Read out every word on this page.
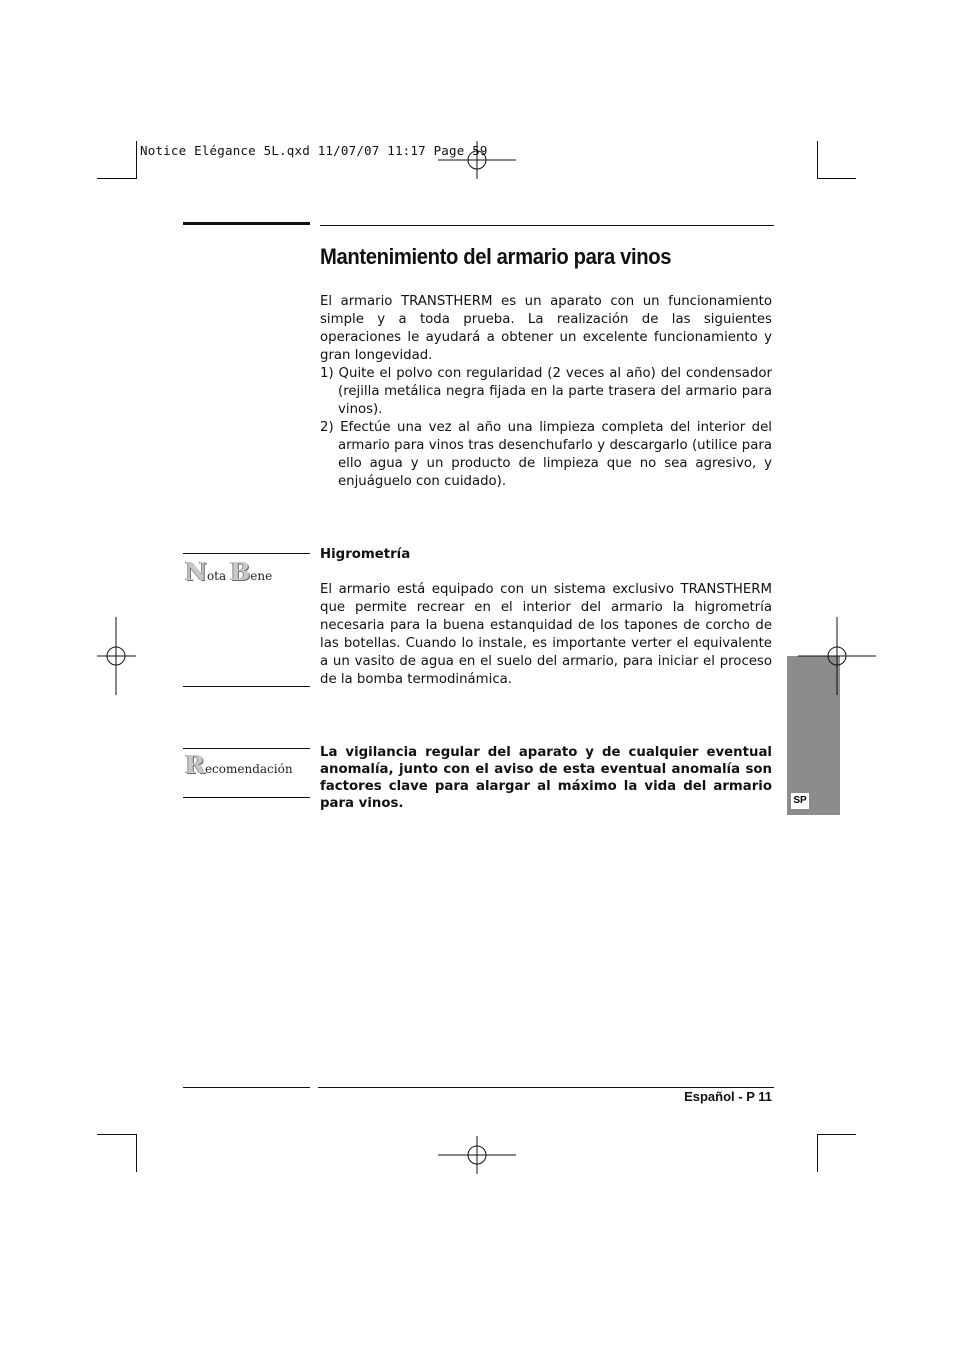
Notice Elégance 5L.qxd 11/07/07 11:17 Page 59
Mantenimiento del armario para vinos

El armario TRANSTHERM es un aparato con un funcionamiento simple y a toda prueba. La realización de las siguientes operaciones le ayudará a obtener un excelente funcionamiento y gran longevidad.

1) Quite el polvo con regularidad (2 veces al año) del condensador (rejilla metálica negra fijada en la parte trasera del armario para vinos).

2) Efectúe una vez al año una limpieza completa del interior del armario para vinos tras desenchufarlo y descargarlo (utilice para ello agua y un producto de limpieza que no sea agresivo, y enjuáguelo con cuidado).

Nota Bene
Higrometría

El armario está equipado con un sistema exclusivo TRANSTHERM que permite recrear en el interior del armario la higrometría necesaria para la buena estanquidad de los tapones de corcho de las botellas. Cuando lo instale, es importante verter el equivalente a un vasito de agua en el suelo del armario, para iniciar el proceso de la bomba termodinámica.

Recomendación

La vigilancia regular del aparato y de cualquier eventual anomalía, junto con el aviso de esta eventual anomalía son factores clave para alargar al máximo la vida del armario para vinos.	SP
Español - P 11
